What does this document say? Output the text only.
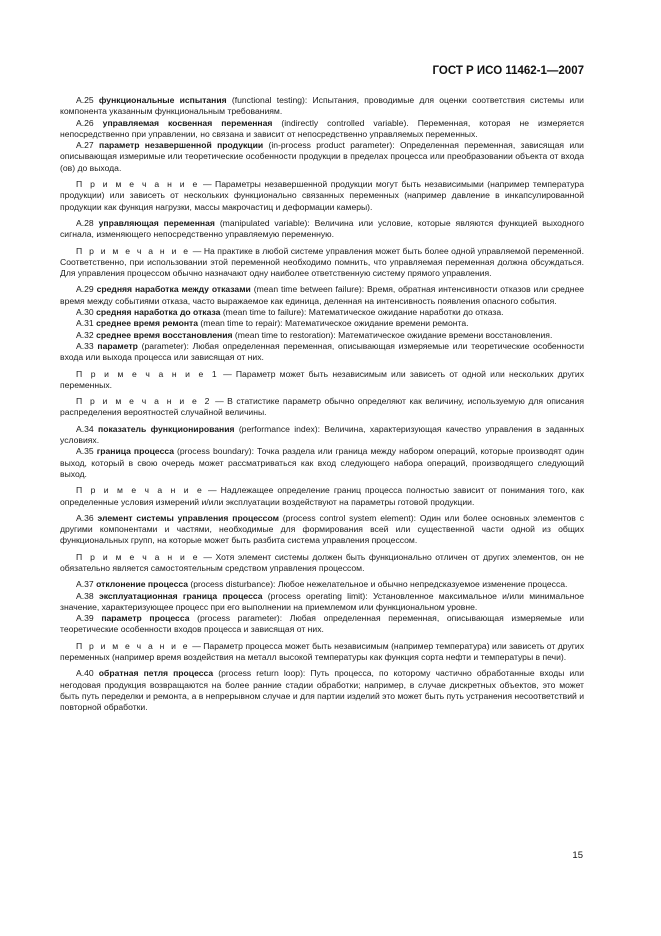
ГОСТ Р ИСО 11462-1—2007

A.25 функциональные испытания (functional testing): Испытания, проводимые для оценки соответствия системы или компонента указанным функциональным требованиям.

A.26 управляемая косвенная переменная (indirectly controlled variable). Переменная, которая не измеряется непосредственно при управлении, но связана и зависит от непосредственно управляемых переменных.

A.27 параметр незавершенной продукции (in-process product parameter): Определенная переменная, зависящая или описывающая измеримые или теоретические особенности продукции в пределах процесса или преобразовании объекта от входа (ов) до выхода.

П р и м е ч а н и е — Параметры незавершенной продукции могут быть независимыми (например температура продукции) или зависеть от нескольких функционально связанных переменных (например давление в инкапсулированной продукции как функция нагрузки, массы макрочастиц и деформации камеры).

A.28 управляющая переменная (manipulated variable): Величина или условие, которые являются функцией выходного сигнала, изменяющего непосредственно управляемую переменную.

П р и м е ч а н и е — На практике в любой системе управления может быть более одной управляемой переменной. Соответственно, при использовании этой переменной необходимо помнить, что управляемая переменная должна обсуждаться. Для управления процессом обычно назначают одну наиболее ответственную систему прямого управления.

A.29 средняя наработка между отказами (mean time between failure): Время, обратная интенсивности отказов или среднее время между событиями отказа, часто выражаемое как единица, деленная на интенсивность появления опасного события.

A.30 средняя наработка до отказа (mean time to failure): Математическое ожидание наработки до отказа.

A.31 среднее время ремонта (mean time to repair): Математическое ожидание времени ремонта.

A.32 среднее время восстановления (mean time to restoration): Математическое ожидание времени восстановления.

A.33 параметр (parameter): Любая определенная переменная, описывающая измеряемые или теоретические особенности входа или выхода процесса или зависящая от них.

П р и м е ч а н и е 1 — Параметр может быть независимым или зависеть от одной или нескольких других переменных.

П р и м е ч а н и е 2 — В статистике параметр обычно определяют как величину, используемую для описания распределения вероятностей случайной величины.

A.34 показатель функционирования (performance index): Величина, характеризующая качество управления в заданных условиях.

A.35 граница процесса (process boundary): Точка раздела или граница между набором операций, которые производят один выход, который в свою очередь может рассматриваться как вход следующего набора операций, производящего следующий выход.

П р и м е ч а н и е — Надлежащее определение границ процесса полностью зависит от понимания того, как определенные условия измерений и/или эксплуатации воздействуют на параметры готовой продукции.

A.36 элемент системы управления процессом (process control system element): Один или более основных элементов с другими компонентами и частями, необходимые для формирования всей или существенной части одной из общих функциональных групп, на которые может быть разбита система управления процессом.

П р и м е ч а н и е — Хотя элемент системы должен быть функционально отличен от других элементов, он не обязательно является самостоятельным средством управления процессом.

A.37 отклонение процесса (process disturbance): Любое нежелательное и обычно непредсказуемое изменение процесса.

A.38 эксплуатационная граница процесса (process operating limit): Установленное максимальное и/или минимальное значение, характеризующее процесс при его выполнении на приемлемом или функциональном уровне.

A.39 параметр процесса (process parameter): Любая определенная переменная, описывающая измеряемые или теоретические особенности входов процесса и зависящая от них.

П р и м е ч а н и е — Параметр процесса может быть независимым (например температура) или зависеть от других переменных (например время воздействия на металл высокой температуры как функция сорта нефти и температуры в печи).

A.40 обратная петля процесса (process return loop): Путь процесса, по которому частично обработанные входы или негодовая продукция возвращаются на более ранние стадии обработки; например, в случае дискретных объектов, это может быть путь переделки и ремонта, а в непрерывном случае и для партии изделий это может быть путь устранения несоответствий и повторной обработки.

15
